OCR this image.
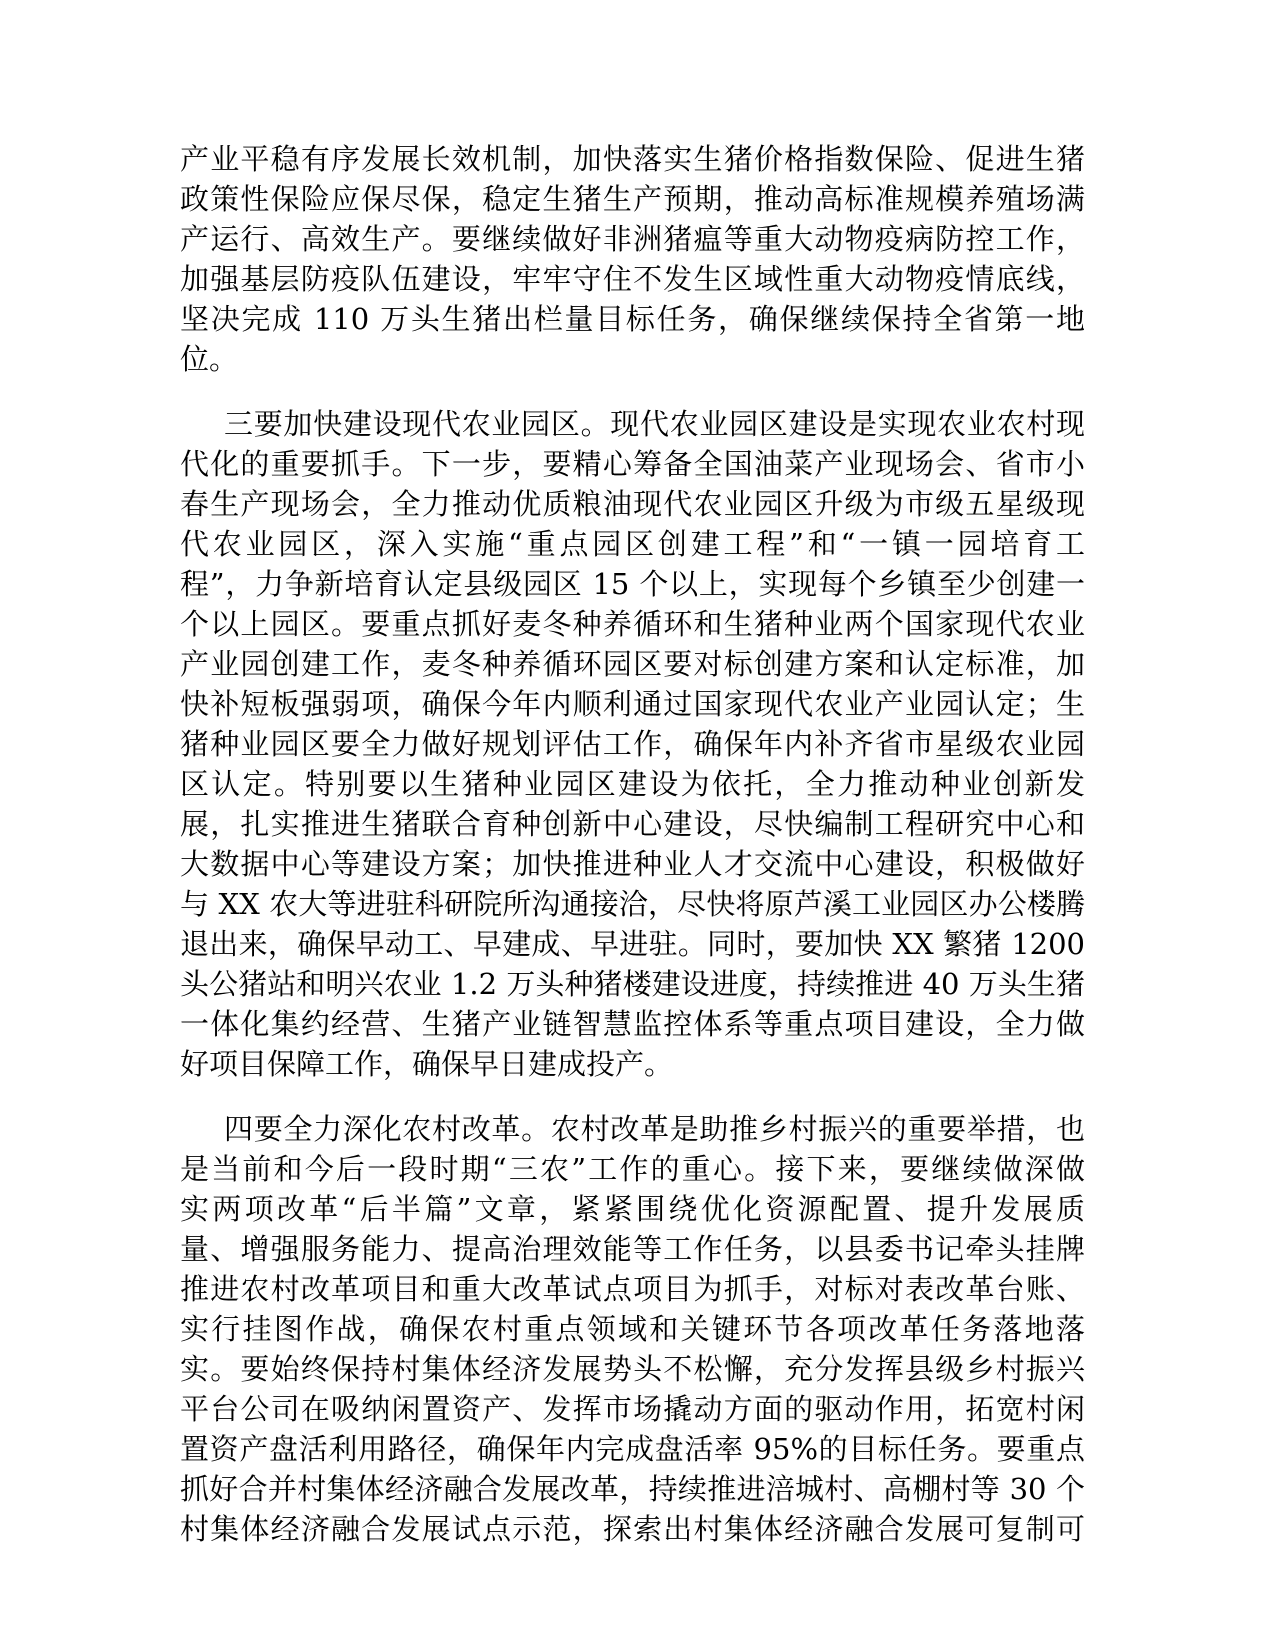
产业平稳有序发展长效机制，加快落实生猪价格指数保险、促进生猪
政策性保险应保尽保，稳定生猪生产预期，推动高标准规模养殖场满
产运行、高效生产。要继续做好非洲猪瘟等重大动物疫病防控工作，
加强基层防疫队伍建设，牢牢守住不发生区域性重大动物疫情底线，
坚决完成 110 万头生猪出栏量目标任务，确保继续保持全省第一地
位。
三要加快建设现代农业园区。现代农业园区建设是实现农业农村现
代化的重要抓手。下一步，要精心筹备全国油菜产业现场会、省市小
春生产现场会，全力推动优质粮油现代农业园区升级为市级五星级现
代农业园区，深入实施“重点园区创建工程”和“一镇一园培育工
程”，力争新培育认定县级园区 15 个以上，实现每个乡镇至少创建一
个以上园区。要重点抓好麦冬种养循环和生猪种业两个国家现代农业
产业园创建工作，麦冬种养循环园区要对标创建方案和认定标准，加
快补短板强弱项，确保今年内顺利通过国家现代农业产业园认定；生
猪种业园区要全力做好规划评估工作，确保年内补齐省市星级农业园
区认定。特别要以生猪种业园区建设为依托，全力推动种业创新发
展，扎实推进生猪联合育种创新中心建设，尽快编制工程研究中心和
大数据中心等建设方案；加快推进种业人才交流中心建设，积极做好
与 XX 农大等进驻科研院所沟通接洽，尽快将原芦溪工业园区办公楼腾
退出来，确保早动工、早建成、早进驻。同时，要加快 XX 繁猪 1200
头公猪站和明兴农业 1.2 万头种猪楼建设进度，持续推进 40 万头生猪
一体化集约经营、生猪产业链智慧监控体系等重点项目建设，全力做
好项目保障工作，确保早日建成投产。
四要全力深化农村改革。农村改革是助推乡村振兴的重要举措，也
是当前和今后一段时期“三农”工作的重心。接下来，要继续做深做
实两项改革“后半篇”文章，紧紧围绕优化资源配置、提升发展质
量、增强服务能力、提高治理效能等工作任务，以县委书记牵头挂牌
推进农村改革项目和重大改革试点项目为抓手，对标对表改革台账、
实行挂图作战，确保农村重点领域和关键环节各项改革任务落地落
实。要始终保持村集体经济发展势头不松懈，充分发挥县级乡村振兴
平台公司在吸纳闲置资产、发挥市场撬动方面的驱动作用，拓宽村闲
置资产盘活利用路径，确保年内完成盘活率 95%的目标任务。要重点
抓好合并村集体经济融合发展改革，持续推进涪城村、高棚村等 30 个
村集体经济融合发展试点示范，探索出村集体经济融合发展可复制可
